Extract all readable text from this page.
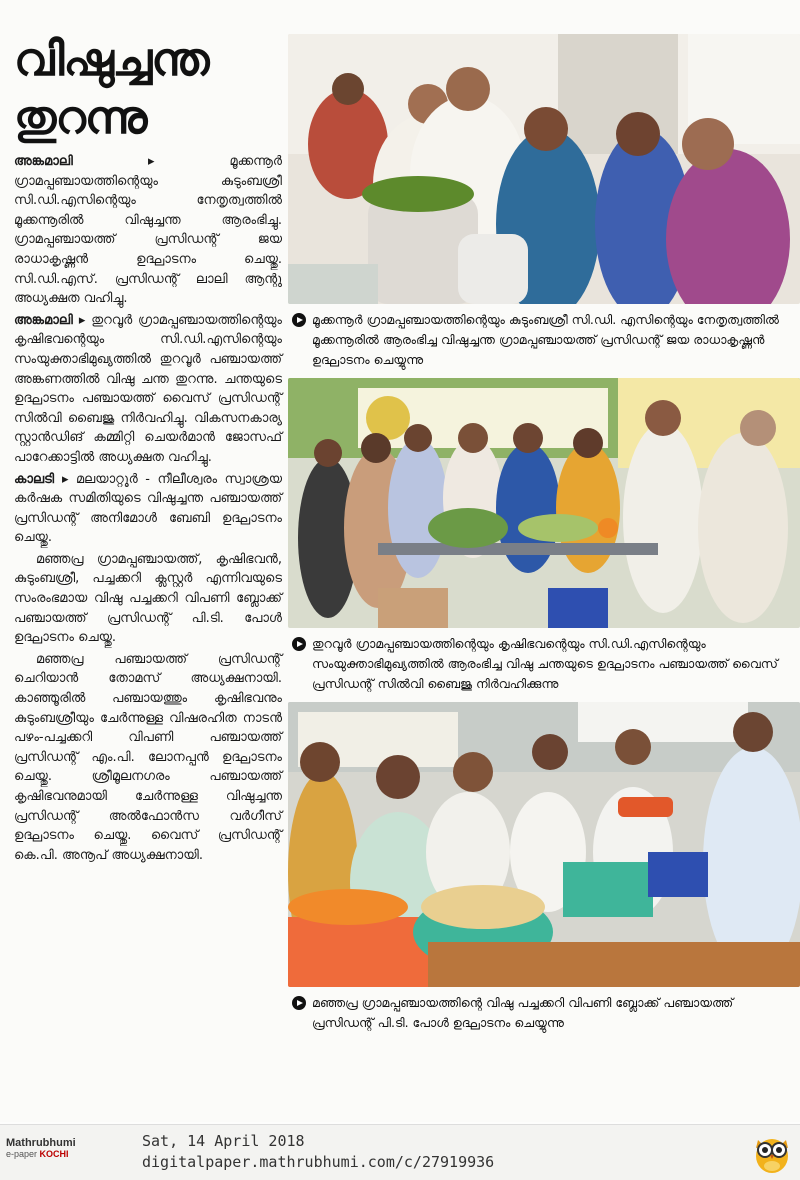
വിഷുച്ചന്ത തുറന്നു

അങ്കമാലി ▸ മൂക്കന്നൂർ ഗ്രാമപ്പഞ്ചായത്തിന്റെയും കുടുംബശ്രീ സി.ഡി.എസിന്റെയും നേതൃത്വത്തിൽ മൂക്കന്നൂരിൽ വിഷുച്ചന്ത ആരംഭിച്ചു. ഗ്രാമപ്പഞ്ചായത്ത് പ്രസിഡന്റ് ജയ രാധാകൃഷ്ണൻ ഉദ്ഘാടനം ചെയ്തു. സി.ഡി.എസ്. പ്രസിഡന്റ് ലാലി ആന്റു അധ്യക്ഷത വഹിച്ചു.

അങ്കമാലി ▸ തുറവൂർ ഗ്രാമപ്പഞ്ചായത്തിന്റെയും കൃഷിഭവന്റെയും സി.ഡി.എസിന്റെയും സംയുക്താഭിമുഖ്യത്തിൽ തുറവൂർ പഞ്ചായത്ത് അങ്കണത്തിൽ വിഷു ചന്ത തുറന്നു. ചന്തയുടെ ഉദ്ഘാടനം പഞ്ചായത്ത് വൈസ് പ്രസിഡന്റ് സിൽവി ബൈജു നിർവഹിച്ചു. വികസനകാര്യ സ്റ്റാൻഡിങ് കമ്മിറ്റി ചെയർമാൻ ജോസഫ് പാറേക്കാട്ടിൽ അധ്യക്ഷത വഹിച്ചു.

കാലടി ▸ മലയാറ്റൂർ - നീലീശ്വരം സ്വാശ്രയ കർഷക സമിതിയുടെ വിഷുച്ചന്ത പഞ്ചായത്ത് പ്രസിഡന്റ് അനിമോൾ ബേബി ഉദ്ഘാടനം ചെയ്തു.

മഞ്ഞപ്ര ഗ്രാമപ്പഞ്ചായത്ത്, കൃഷിഭവൻ, കുടുംബശ്രീ, പച്ചക്കറി ക്ലസ്റ്റർ എന്നിവയുടെ സംരംഭമായ വിഷു പച്ചക്കറി വിപണി ബ്ലോക്ക് പഞ്ചായത്ത് പ്രസിഡന്റ് പി.ടി. പോൾ ഉദ്ഘാടനം ചെയ്തു.

മഞ്ഞപ്ര പഞ്ചായത്ത് പ്രസിഡന്റ് ചെറിയാൻ തോമസ് അധ്യക്ഷനായി. കാഞ്ഞൂരിൽ പഞ്ചായത്തും കൃഷിഭവനും കുടുംബശ്രീയും ചേർന്നുള്ള വിഷരഹിത നാടൻ പഴം-പച്ചക്കറി വിപണി പഞ്ചായത്ത് പ്രസിഡന്റ് എം.പി. ലോനപ്പൻ ഉദ്ഘാടനം ചെയ്തു. ശ്രീമൂലനഗരം പഞ്ചായത്ത് കൃഷിഭവനുമായി ചേർന്നുള്ള വിഷുച്ചന്ത പ്രസിഡന്റ് അൽഫോൻസ വർഗീസ് ഉദ്ഘാടനം ചെയ്തു. വൈസ് പ്രസിഡന്റ് കെ.പി. അനൂപ് അധ്യക്ഷനായി.

മൂക്കന്നൂർ ഗ്രാമപ്പഞ്ചായത്തിന്റെയും കുടുംബശ്രീ സി.ഡി. എസിന്റെയും നേതൃത്വത്തിൽ മൂക്കന്നൂരിൽ ആരംഭിച്ച വിഷുച്ചന്ത ഗ്രാമപ്പഞ്ചായത്ത് പ്രസിഡന്റ് ജയ രാധാകൃഷ്ണൻ ഉദ്ഘാടനം ചെയ്യുന്നു
തുറവൂർ ഗ്രാമപ്പഞ്ചായത്തിന്റെയും കൃഷിഭവന്റെയും സി.ഡി.എസിന്റെയും സംയുക്താഭിമുഖ്യത്തിൽ ആരംഭിച്ച വിഷു ചന്തയുടെ ഉദ്ഘാടനം പഞ്ചായത്ത് വൈസ് പ്രസിഡന്റ് സിൽവി ബൈജു നിർവഹിക്കുന്നു
മഞ്ഞപ്ര ഗ്രാമപ്പഞ്ചായത്തിന്റെ വിഷു പച്ചക്കറി വിപണി ബ്ലോക്ക് പഞ്ചായത്ത് പ്രസിഡന്റ് പി.ടി. പോൾ ഉദ്ഘാടനം ചെയ്യുന്നു
Mathrubhumi
e-paper KOCHI
Sat, 14 April 2018
digitalpaper.mathrubhumi.com/c/27919936
